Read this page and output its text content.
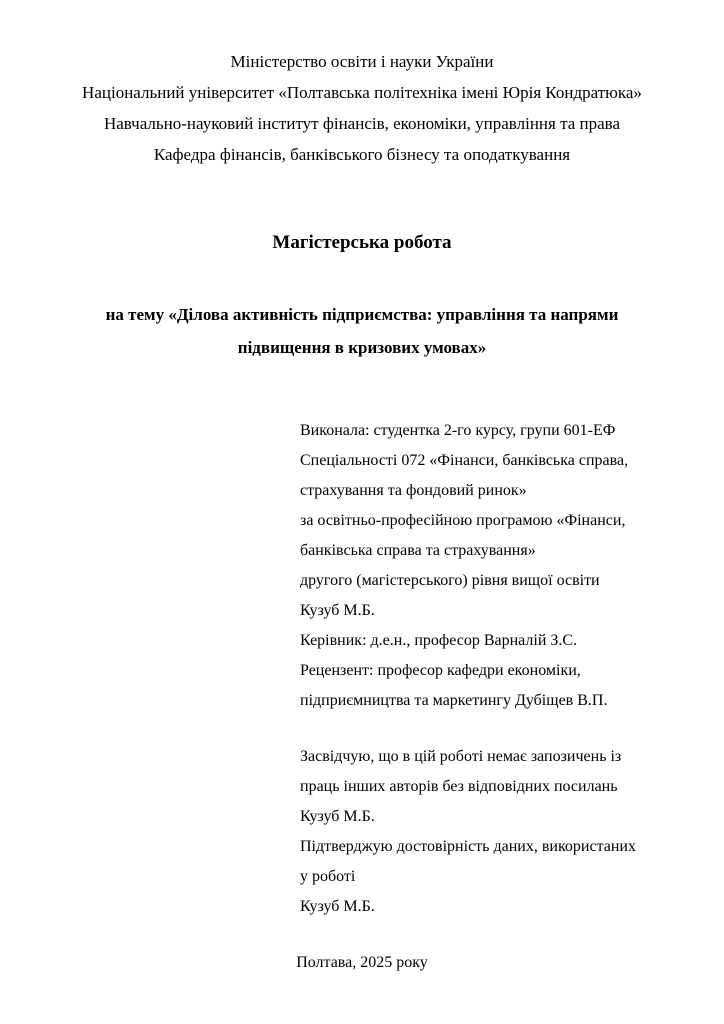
Міністерство освіти і науки України

Національний університет «Полтавська політехніка імені Юрія Кондратюка»

Навчально-науковий інститут фінансів, економіки, управління та права

Кафедра фінансів, банківського бізнесу та оподаткування

Магістерська робота

на тему «Ділова активність підприємства: управління та напрями

підвищення в кризових умовах»

Виконала: студентка 2-го курсу, групи 601-ЕФ

Спеціальності 072 «Фінанси, банківська справа,

страхування та фондовий ринок»

за освітньо-професійною програмою «Фінанси,

банківська справа та страхування»

другого (магістерського) рівня вищої освіти

Кузуб М.Б.

Керівник: д.е.н., професор Варналій З.С.

Рецензент: професор кафедри економіки,

підприємництва та маркетингу Дубіщев В.П.

Засвідчую, що в цій роботі немає запозичень із

праць інших авторів без відповідних посилань

Кузуб М.Б.

Підтверджую достовірність даних, використаних

у роботі

Кузуб М.Б.

Полтава, 2025 року
